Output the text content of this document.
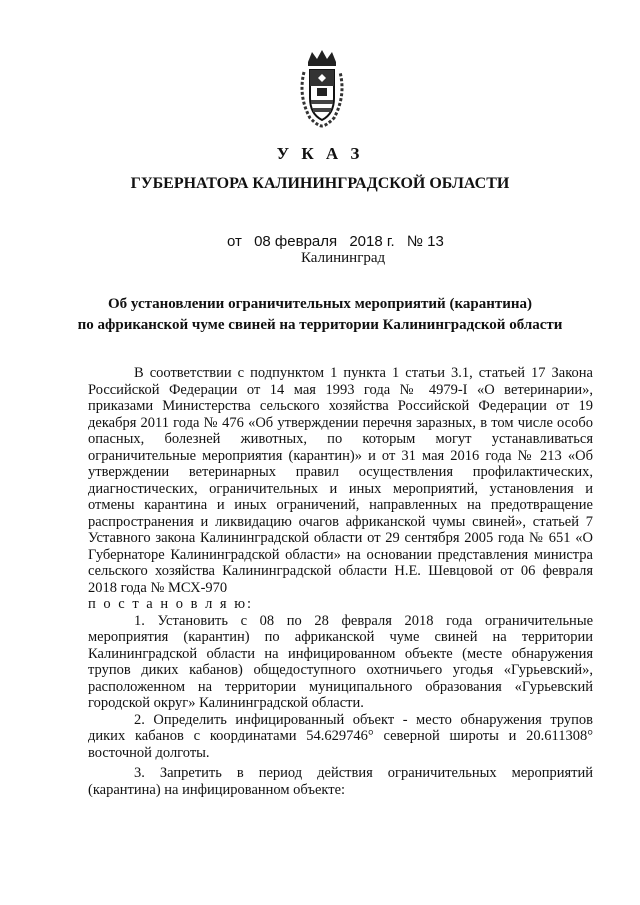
У К А З
ГУБЕРНАТОРА КАЛИНИНГРАДСКОЙ ОБЛАСТИ
от 08 февраля 2018 г. № 13
Калининград
Об установлении ограничительных мероприятий (карантина)
по африканской чуме свиней на территории Калининградской области

В соответствии с подпунктом 1 пункта 1 статьи 3.1, статьей 17 Закона Российской Федерации от 14 мая 1993 года № 4979-I «О ветеринарии», приказами Министерства сельского хозяйства Российской Федерации от 19 декабря 2011 года № 476 «Об утверждении перечня заразных, в том числе особо опасных, болезней животных, по которым могут устанавливаться ограничительные мероприятия (карантин)» и от 31 мая 2016 года № 213 «Об утверждении ветеринарных правил осуществления профилактических, диагностических, ограничительных и иных мероприятий, установления и отмены карантина и иных ограничений, направленных на предотвращение распространения и ликвидацию очагов африканской чумы свиней», статьей 7 Уставного закона Калининградской области от 29 сентября 2005 года № 651 «О Губернаторе Калининградской области» на основании представления министра сельского хозяйства Калининградской области Н.Е. Шевцовой от 06 февраля 2018 года № МСХ-970

п о с т а н о в л я ю:

1. Установить с 08 по 28 февраля 2018 года ограничительные мероприятия (карантин) по африканской чуме свиней на территории Калининградской области на инфицированном объекте (месте обнаружения трупов диких кабанов) общедоступного охотничьего угодья «Гурьевский», расположенном на территории муниципального образования «Гурьевский городской округ» Калининградской области.

2. Определить инфицированный объект - место обнаружения трупов диких кабанов с координатами 54.629746° северной широты и 20.611308° восточной долготы.

3. Запретить в период действия ограничительных мероприятий (карантина) на инфицированном объекте:
